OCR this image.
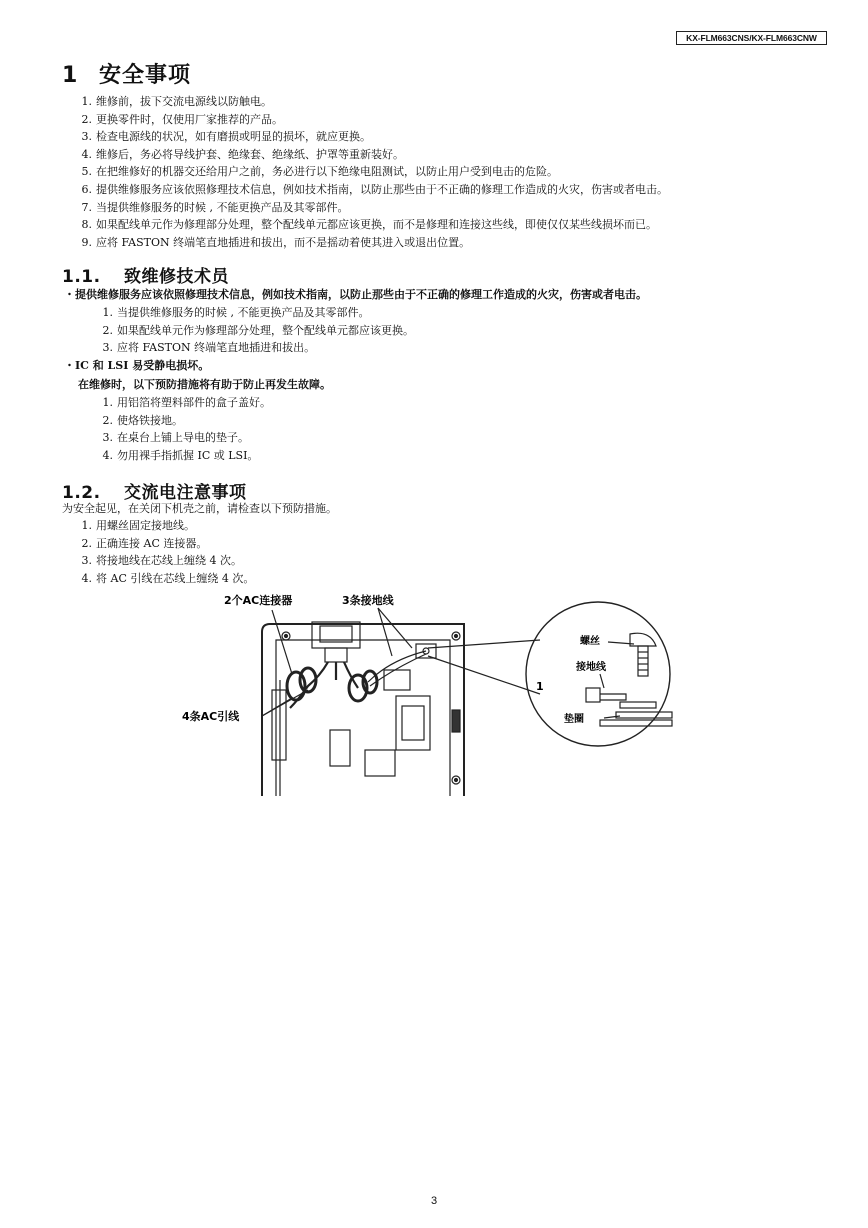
KX-FLM663CNS/KX-FLM663CNW
1 安全事项
1. 维修前，拔下交流电源线以防触电。
2. 更换零件时，仅使用厂家推荐的产品。
3. 检查电源线的状况，如有磨损或明显的损坏，就应更换。
4. 维修后，务必将导线护套、绝缘套、绝缘纸、护罩等重新装好。
5. 在把维修好的机器交还给用户之前，务必进行以下绝缘电阻测试，以防止用户受到电击的危险。
6. 提供维修服务应该依照修理技术信息，例如技术指南，以防止那些由于不正确的修理工作造成的火灾，伤害或者电击。
7. 当提供维修服务的时候 , 不能更换产品及其零部件。
8. 如果配线单元作为修理部分处理，整个配线单元都应该更换，而不是修理和连接这些线，即使仅仅某些线损坏而已。
9. 应将 FASTON 终端笔直地插进和拔出，而不是摇动着使其进入或退出位置。
1.1. 致维修技术员
・提供维修服务应该依照修理技术信息，例如技术指南，以防止那些由于不正确的修理工作造成的火灾，伤害或者电击。
1. 当提供维修服务的时候 , 不能更换产品及其零部件。
2. 如果配线单元作为修理部分处理，整个配线单元都应该更换。
3. 应将 FASTON 终端笔直地插进和拔出。
・IC 和 LSI 易受静电损坏。
在维修时，以下预防措施将有助于防止再发生故障。
1. 用铝箔将塑料部件的盒子盖好。
2. 使烙铁接地。
3. 在桌台上铺上导电的垫子。
4. 勿用裸手指抓握 IC 或 LSI。
1.2. 交流电注意事项
为安全起见，在关闭下机壳之前，请检查以下预防措施。
1. 用螺丝固定接地线。
2. 正确连接 AC 连接器。
3. 将接地线在芯线上缠绕 4 次。
4. 将 AC 引线在芯线上缠绕 4 次。
2个AC连接器	3条接地线
4条AC引线
1
螺丝
接地线
垫圈
3
